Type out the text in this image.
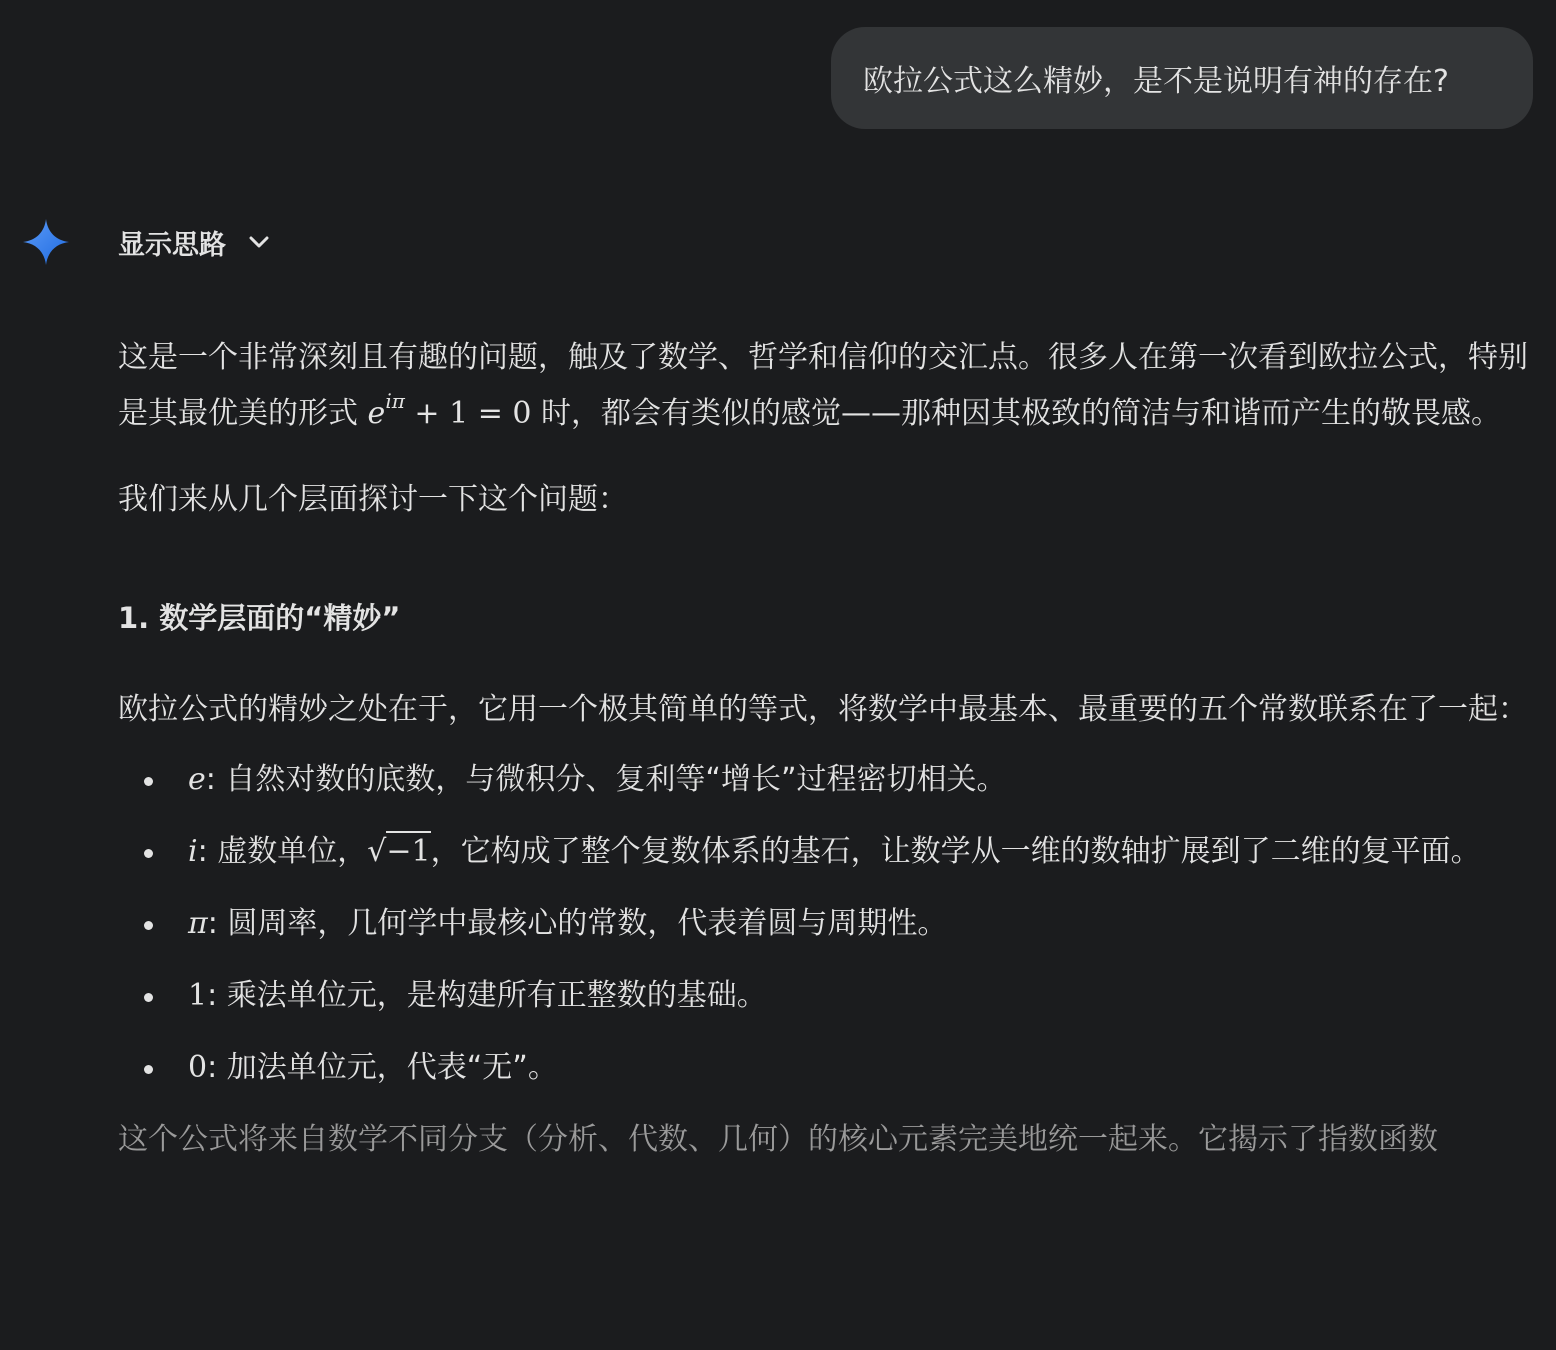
欧拉公式这么精妙，是不是说明有神的存在?
显示思路

这是一个非常深刻且有趣的问题，触及了数学、哲学和信仰的交汇点。很多人在第一次看到欧拉公式，特别是其最优美的形式 $e^{i\pi} + 1 = 0$ 时，都会有类似的感觉——那种因其极致的简洁与和谐而产生的敬畏感。

我们来从几个层面探讨一下这个问题：

1. 数学层面的“精妙”

欧拉公式的精妙之处在于，它用一个极其简单的等式，将数学中最基本、最重要的五个常数联系在了一起：

e: 自然对数的底数，与微积分、复利等“增长”过程密切相关。
i: 虚数单位，√−1，它构成了整个复数体系的基石，让数学从一维的数轴扩展到了二维的复平面。
π: 圆周率，几何学中最核心的常数，代表着圆与周期性。
1: 乘法单位元，是构建所有正整数的基础。
0: 加法单位元，代表“无”。

这个公式将来自数学不同分支（分析、代数、几何）的核心元素完美地统一起来。它揭示了指数函数
